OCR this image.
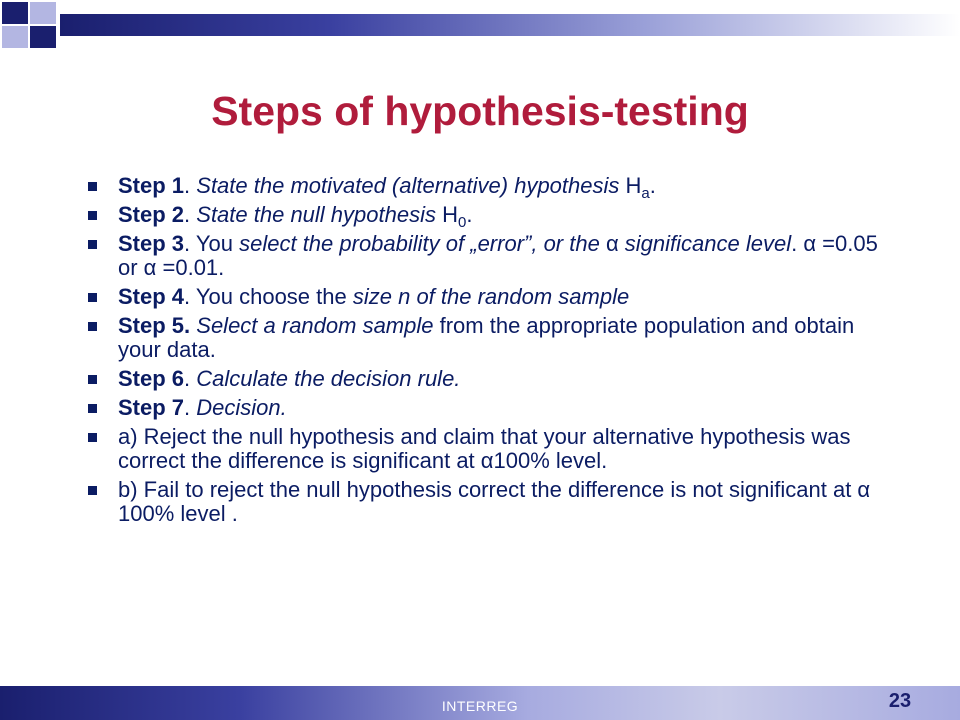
Steps of hypothesis-testing
Step 1. State the motivated (alternative) hypothesis $H_a$.
Step 2. State the null hypothesis $H_0$.
Step 3. You select the probability of „error”, or the α significance level. α =0.05 or α =0.01.
Step 4. You choose the size n of the random sample
Step 5. Select a random sample from the appropriate population and obtain your data.
Step 6. Calculate the decision rule.
Step 7. Decision.
a) Reject the null hypothesis and claim that your alternative hypothesis was correct the difference is significant at α100% level.
b) Fail to reject the null hypothesis correct the difference is not significant at α 100% level .
INTERREG	23
